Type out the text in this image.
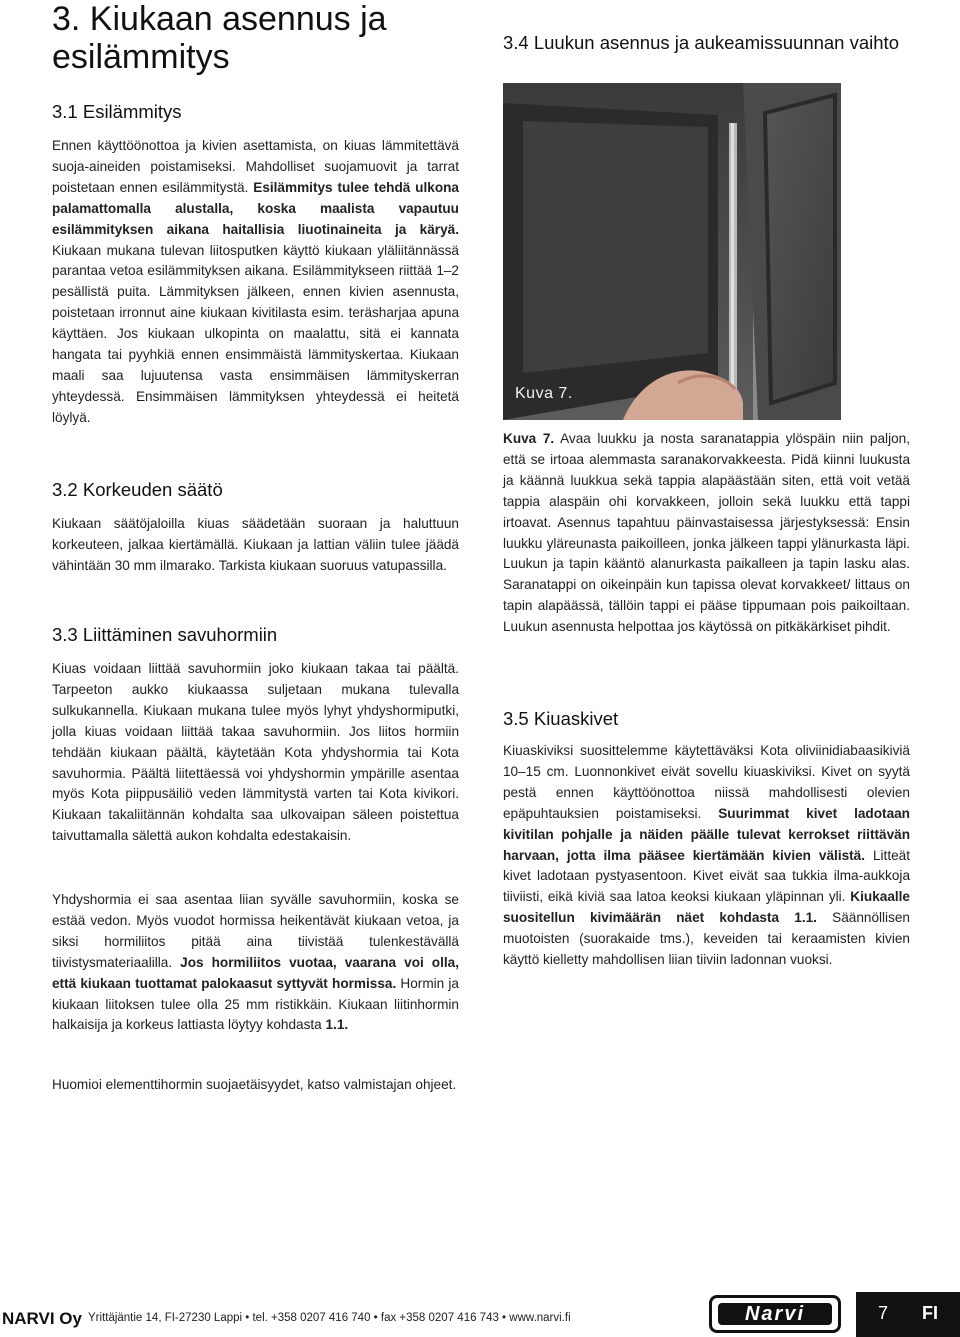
3. Kiukaan asennus ja esilämmitys
3.1 Esilämmitys

Ennen käyttöönottoa ja kivien asettamista, on kiuas lämmitettävä suoja-aineiden poistamiseksi. Mahdolliset suojamuovit ja tarrat poistetaan ennen esilämmitystä. Esilämmitys tulee tehdä ulkona palamattomalla alustalla, koska maalista vapautuu esilämmityksen aikana haitallisia liuotinaineita ja käryä. Kiukaan mukana tulevan liitosputken käyttö kiukaan yläliitännässä parantaa vetoa esilämmityksen aikana. Esilämmitykseen riittää 1–2 pesällistä puita. Lämmityksen jälkeen, ennen kivien asennusta, poistetaan irronnut aine kiukaan kivitilasta esim. teräsharjaa apuna käyttäen. Jos kiukaan ulkopinta on maalattu, sitä ei kannata hangata tai pyyhkiä ennen ensimmäistä lämmityskertaa. Kiukaan maali saa lujuutensa vasta ensimmäisen lämmityskerran yhteydessä. Ensimmäisen lämmityksen yhteydessä ei heitetä löylyä.

3.2 Korkeuden säätö

Kiukaan säätöjaloilla kiuas säädetään suoraan ja haluttuun korkeuteen, jalkaa kiertämällä. Kiukaan ja lattian väliin tulee jäädä vähintään 30 mm ilmarako. Tarkista kiukaan suoruus vatupassilla.

3.3 Liittäminen savuhormiin

Kiuas voidaan liittää savuhormiin joko kiukaan takaa tai päältä. Tarpeeton aukko kiukaassa suljetaan mukana tulevalla sulkukannella. Kiukaan mukana tulee myös lyhyt yhdyshormiputki, jolla kiuas voidaan liittää takaa savuhormiin. Jos liitos hormiin tehdään kiukaan päältä, käytetään Kota yhdyshormia tai Kota savuhormia. Päältä liitettäessä voi yhdyshormin ympärille asentaa myös Kota piippusäiliö veden lämmitystä varten tai Kota kivikori. Kiukaan takaliitännän kohdalta saa ulkovaipan säleen poistettua taivuttamalla sälettä aukon kohdalta edestakaisin.

Yhdyshormia ei saa asentaa liian syvälle savuhormiin, koska se estää vedon. Myös vuodot hormissa heikentävät kiukaan vetoa, ja siksi hormiliitos pitää aina tiivistää tulenkestävällä tiivistysmateriaalilla. Jos hormiliitos vuotaa, vaarana voi olla, että kiukaan tuottamat palokaasut syttyvät hormissa. Hormin ja kiukaan liitoksen tulee olla 25 mm ristikkäin. Kiukaan liitinhormin halkaisija ja korkeus lattiasta löytyy kohdasta 1.1.

Huomioi elementtihormin suojaetäisyydet, katso valmistajan ohjeet.

3.4 Luukun asennus ja aukeamissuunnan vaihto
Kuva 7.

Kuva 7. Avaa luukku ja nosta saranatappia ylöspäin niin paljon, että se irtoaa alemmasta saranakorvakkeesta. Pidä kiinni luukusta ja käännä luukkua sekä tappia alapäästään siten, että voit vetää tappia alaspäin ohi korvakkeen, jolloin sekä luukku että tappi irtoavat. Asennus tapahtuu päinvastaisessa järjestyksessä: Ensin luukku yläreunasta paikoilleen, jonka jälkeen tappi ylänurkasta läpi. Luukun ja tapin kääntö alanurkasta paikalleen ja tapin lasku alas. Saranatappi on oikeinpäin kun tapissa olevat korvakkeet/ littaus on tapin alapäässä, tällöin tappi ei pääse tippumaan pois paikoiltaan. Luukun asennusta helpottaa jos käytössä on pitkäkärkiset pihdit.

3.5 Kiuaskivet

Kiuaskiviksi suosittelemme käytettäväksi Kota oliviinidiabaasikiviä 10–15 cm. Luonnonkivet eivät sovellu kiuaskiviksi. Kivet on syytä pestä ennen käyttöönottoa niissä mahdollisesti olevien epäpuhtauksien poistamiseksi. Suurimmat kivet ladotaan kivitilan pohjalle ja näiden päälle tulevat kerrokset riittävän harvaan, jotta ilma pääsee kiertämään kivien välistä. Litteät kivet ladotaan pystyasentoon. Kivet eivät saa tukkia ilma-aukkoja tiiviisti, eikä kiviä saa latoa keoksi kiukaan yläpinnan yli. Kiukaalle suositellun kivimäärän näet kohdasta 1.1. Säännöllisen muotoisten (suorakaide tms.), keveiden tai keraamisten kivien käyttö kielletty mahdollisen liian tiiviin ladonnan vuoksi.

NARVI Oy Yrittäjäntie 14, FI-27230 Lappi • tel. +358 0207 416 740 • fax +358 0207 416 743 • www.narvi.fi	Narvi	7 FI
